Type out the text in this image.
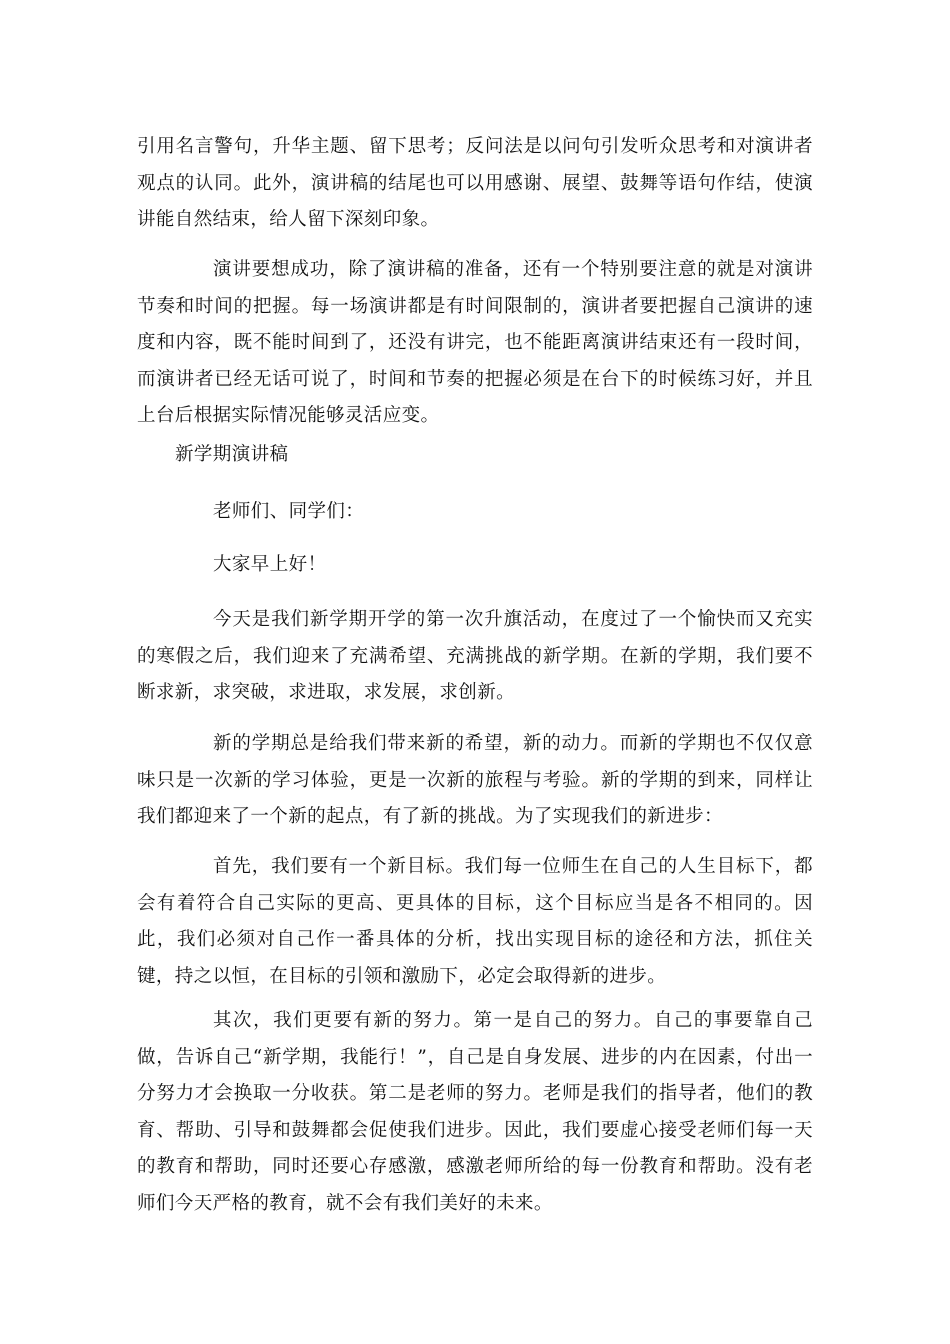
引用名言警句，升华主题、留下思考；反问法是以问句引发听众思考和对演讲者观点的认同。此外，演讲稿的结尾也可以用感谢、展望、鼓舞等语句作结，使演讲能自然结束，给人留下深刻印象。

演讲要想成功，除了演讲稿的准备，还有一个特别要注意的就是对演讲节奏和时间的把握。每一场演讲都是有时间限制的，演讲者要把握自己演讲的速度和内容，既不能时间到了，还没有讲完，也不能距离演讲结束还有一段时间，而演讲者已经无话可说了，时间和节奏的把握必须是在台下的时候练习好，并且上台后根据实际情况能够灵活应变。

新学期演讲稿

老师们、同学们：

大家早上好！

今天是我们新学期开学的第一次升旗活动，在度过了一个愉快而又充实的寒假之后，我们迎来了充满希望、充满挑战的新学期。在新的学期，我们要不断求新，求突破，求进取，求发展，求创新。

新的学期总是给我们带来新的希望，新的动力。而新的学期也不仅仅意味只是一次新的学习体验，更是一次新的旅程与考验。新的学期的到来，同样让我们都迎来了一个新的起点，有了新的挑战。为了实现我们的新进步：

首先，我们要有一个新目标。我们每一位师生在自己的人生目标下，都会有着符合自己实际的更高、更具体的目标，这个目标应当是各不相同的。因此，我们必须对自己作一番具体的分析，找出实现目标的途径和方法，抓住关键，持之以恒，在目标的引领和激励下，必定会取得新的进步。

其次，我们更要有新的努力。第一是自己的努力。自己的事要靠自己做，告诉自己“新学期，我能行！”，自己是自身发展、进步的内在因素，付出一分努力才会换取一分收获。第二是老师的努力。老师是我们的指导者，他们的教育、帮助、引导和鼓舞都会促使我们进步。因此，我们要虚心接受老师们每一天的教育和帮助，同时还要心存感激，感激老师所给的每一份教育和帮助。没有老师们今天严格的教育，就不会有我们美好的未来。
